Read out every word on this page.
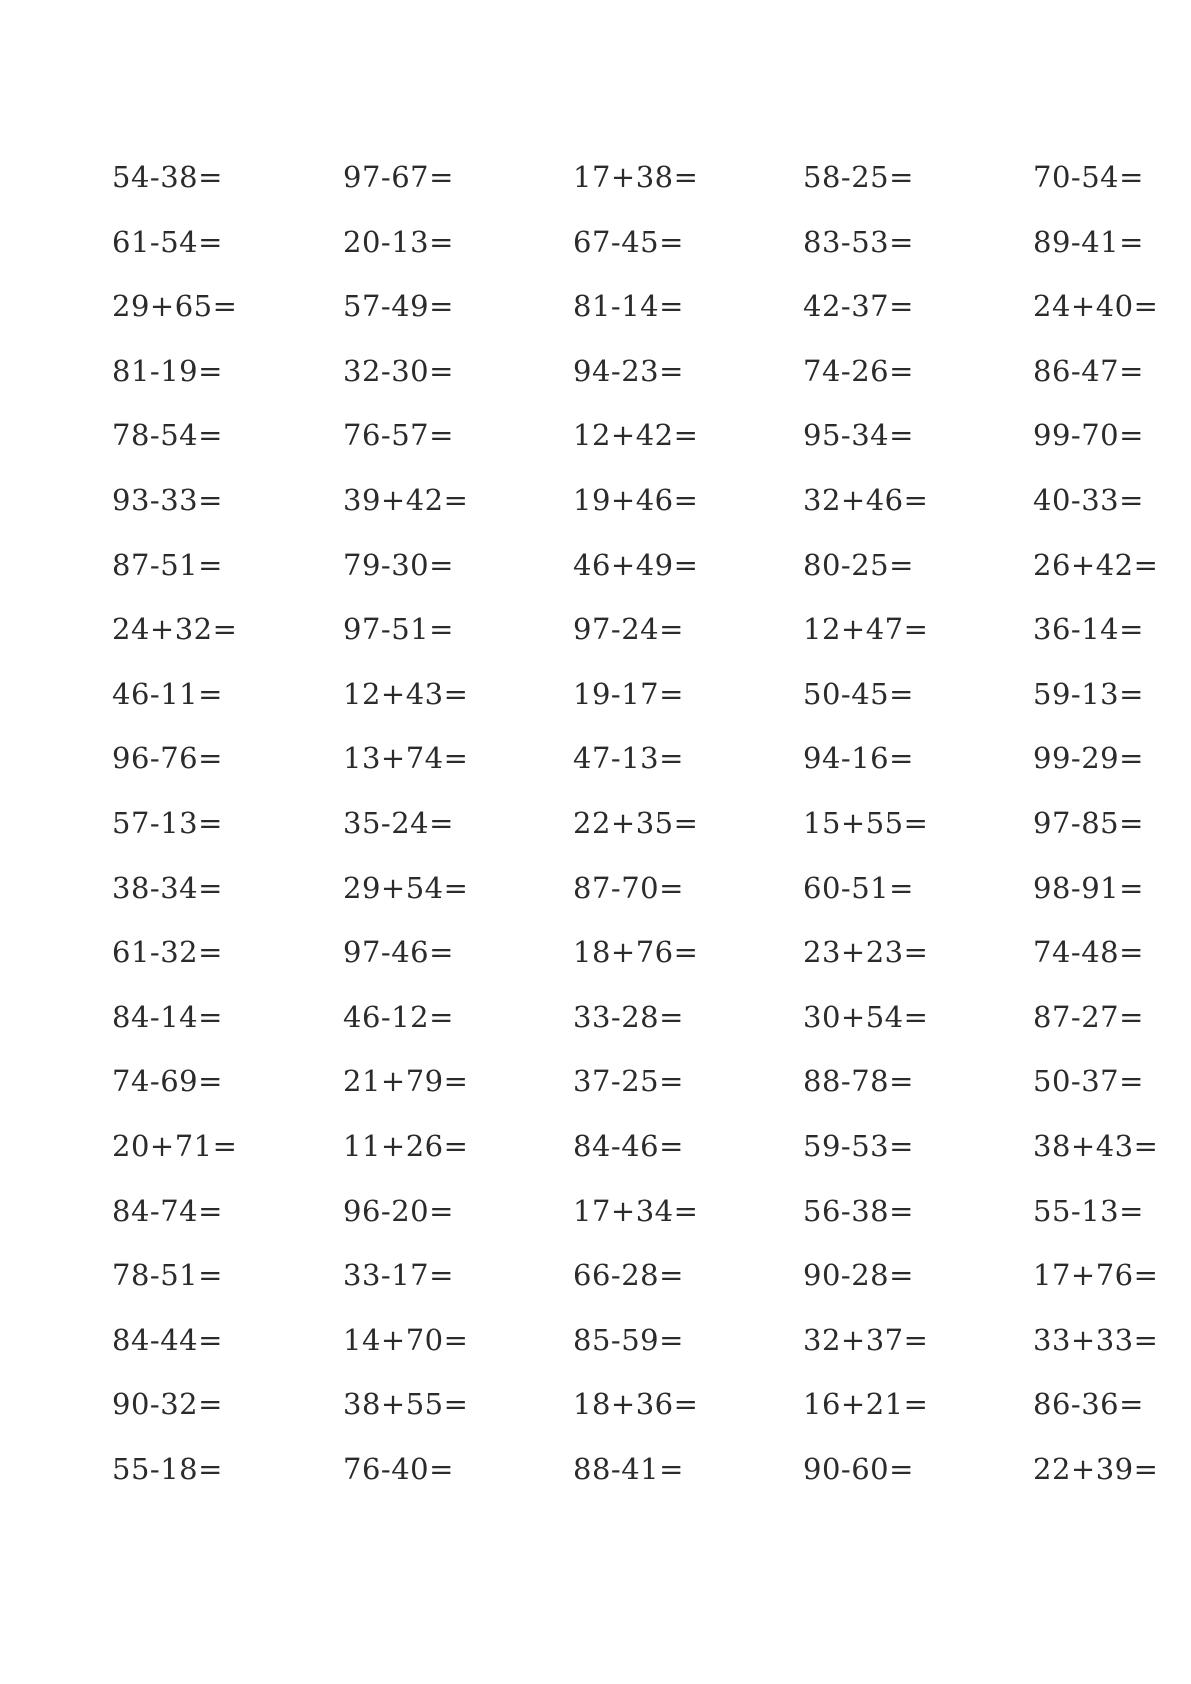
54-38=	97-67=	17+38=	58-25=	70-54=
61-54=	20-13=	67-45=	83-53=	89-41=
29+65=	57-49=	81-14=	42-37=	24+40=
81-19=	32-30=	94-23=	74-26=	86-47=
78-54=	76-57=	12+42=	95-34=	99-70=
93-33=	39+42=	19+46=	32+46=	40-33=
87-51=	79-30=	46+49=	80-25=	26+42=
24+32=	97-51=	97-24=	12+47=	36-14=
46-11=	12+43=	19-17=	50-45=	59-13=
96-76=	13+74=	47-13=	94-16=	99-29=
57-13=	35-24=	22+35=	15+55=	97-85=
38-34=	29+54=	87-70=	60-51=	98-91=
61-32=	97-46=	18+76=	23+23=	74-48=
84-14=	46-12=	33-28=	30+54=	87-27=
74-69=	21+79=	37-25=	88-78=	50-37=
20+71=	11+26=	84-46=	59-53=	38+43=
84-74=	96-20=	17+34=	56-38=	55-13=
78-51=	33-17=	66-28=	90-28=	17+76=
84-44=	14+70=	85-59=	32+37=	33+33=
90-32=	38+55=	18+36=	16+21=	86-36=
55-18=	76-40=	88-41=	90-60=	22+39=
